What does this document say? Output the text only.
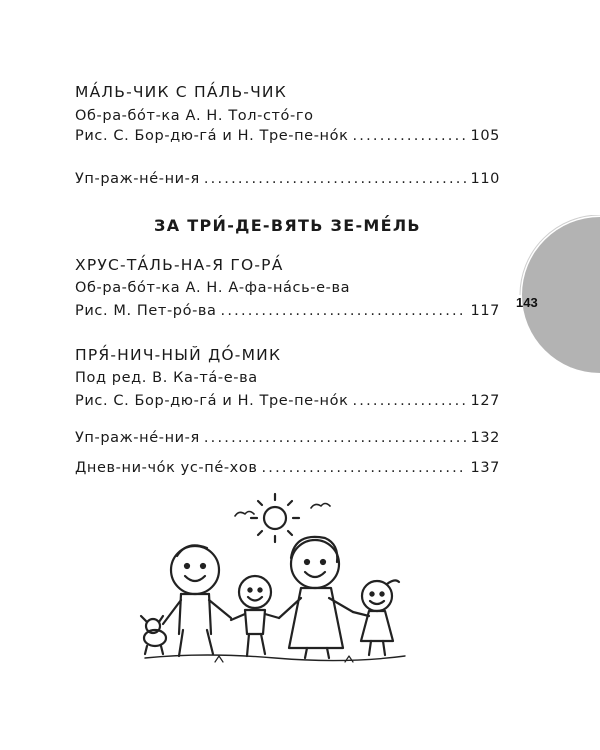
МА́ЛЬ-ЧИК С ПА́ЛЬ-ЧИК
Об-ра-бо́т-ка А. Н. Тол-сто́-го
Рис. С. Бор-дю-га́ и Н. Тре-пе-но́к .....	105
Уп-раж-не́-ни-я .....	110
ЗА ТРИ́-ДЕ-ВЯТЬ ЗЕ-МЕ́ЛЬ
ХРУС-ТА́ЛЬ-НА-Я ГО-РА́
Об-ра-бо́т-ка А. Н. А-фа-на́сь-е-ва
Рис. М. Пет-ро́-ва .....	117
ПРЯ́-НИЧ-НЫЙ ДО́-МИК
Под ред. В. Ка-та́-е-ва
Рис. С. Бор-дю-га́ и Н. Тре-пе-но́к .....	127
Уп-раж-не́-ни-я .....	132
Днев-ни-чо́к ус-пе́-хов .....	137
143
